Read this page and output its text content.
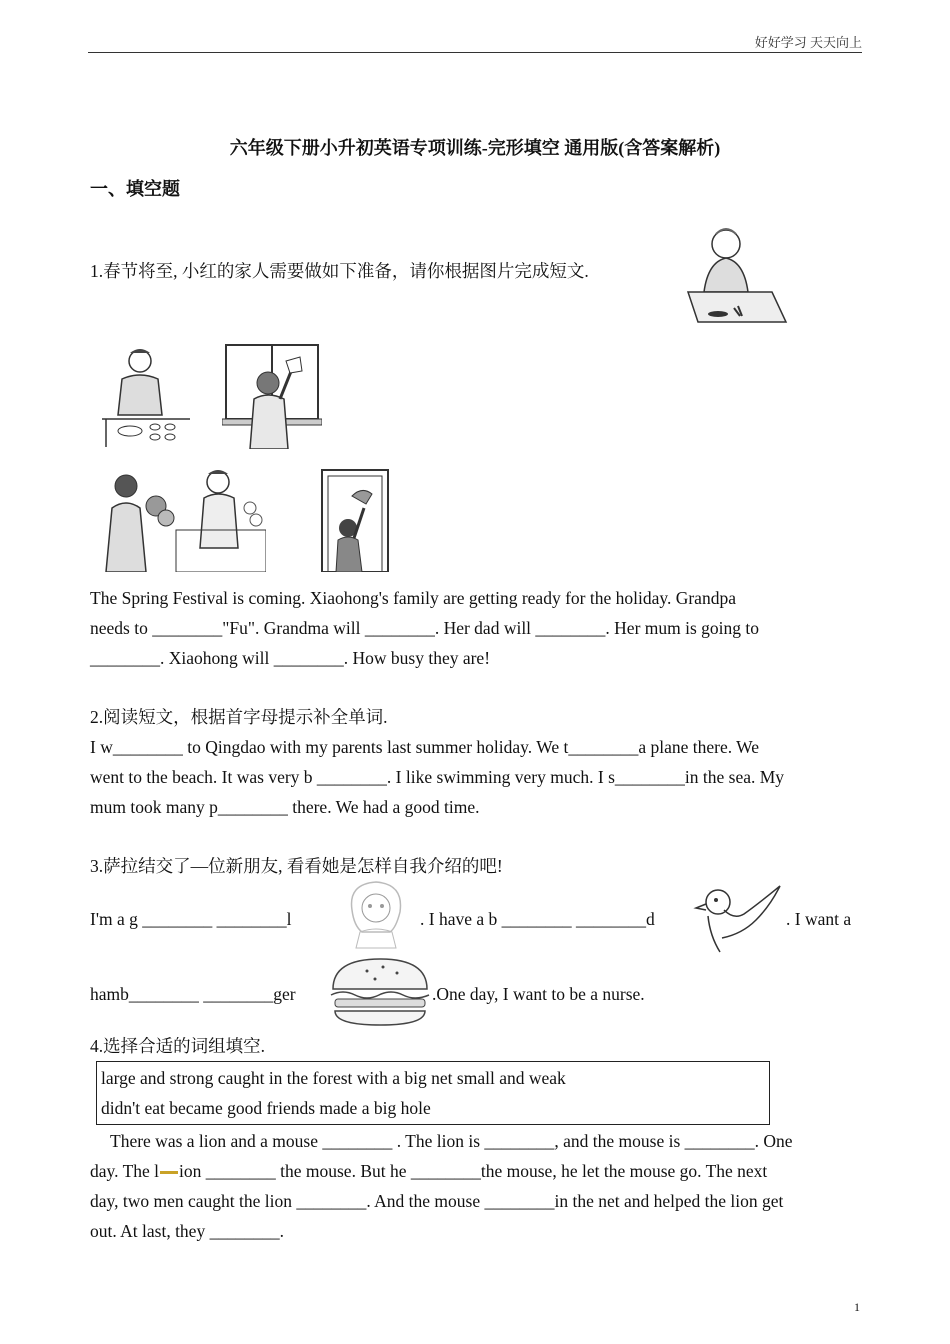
好好学习 天天向上
六年级下册小升初英语专项训练-完形填空 通用版(含答案解析)
一、填空题
1.春节将至, 小红的家人需要做如下准备，请你根据图片完成短文.
The Spring Festival is coming. Xiaohong's family are getting ready for the holiday. Grandpa
needs to ________"Fu". Grandma will ________. Her dad will ________. Her mum is going to
________. Xiaohong will ________. How busy they are!
2.阅读短文，根据首字母提示补全单词.
I w________ to Qingdao with my parents last summer holiday. We t________a plane there. We
went to the beach. It was very b ________. I like swimming very much. I s________in the sea. My
mum took many p________ there. We had a good time.
3.萨拉结交了—位新朋友, 看看她是怎样自我介绍的吧!
I'm a g ________ ________l	. I have a b ________ ________d	. I want a
hamb________ ________ger	.One day, I want to be a nurse.
4.选择合适的词组填空.
large and strong caught in the forest with a big net small and weak
didn't eat became good friends made a big hole
There was a lion and a mouse ________ . The lion is ________, and the mouse is ________. One
day. The l ion ________ the mouse. But he ________the mouse, he let the mouse go. The next
day, two men caught the lion ________. And the mouse ________in the net and helped the lion get
out. At last, they ________.
1
